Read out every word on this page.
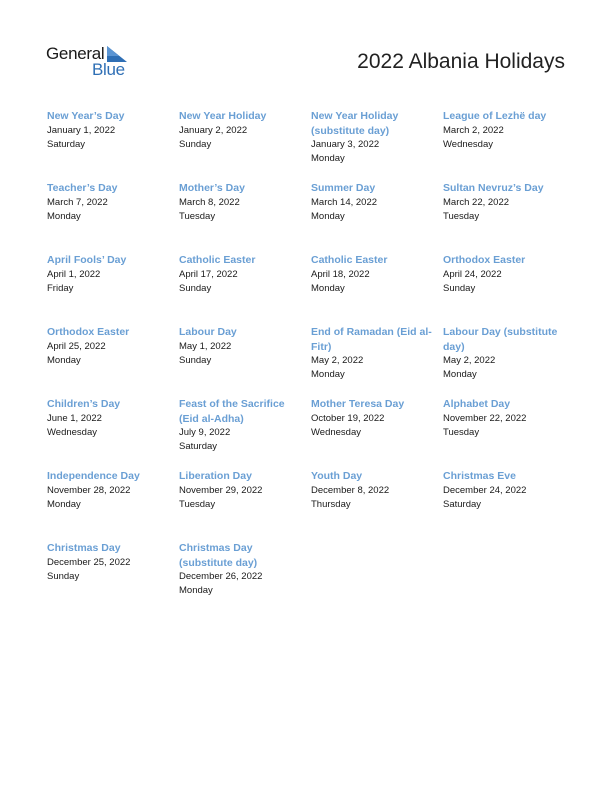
General
Blue	2022 Albania Holidays
New Year’s Day
January 1, 2022
Saturday
New Year Holiday
January 2, 2022
Sunday
New Year Holiday (substitute day)
January 3, 2022
Monday
League of Lezhë day
March 2, 2022
Wednesday
Teacher’s Day
March 7, 2022
Monday
Mother’s Day
March 8, 2022
Tuesday
Summer Day
March 14, 2022
Monday
Sultan Nevruz’s Day
March 22, 2022
Tuesday
April Fools’ Day
April 1, 2022
Friday
Catholic Easter
April 17, 2022
Sunday
Catholic Easter
April 18, 2022
Monday
Orthodox Easter
April 24, 2022
Sunday
Orthodox Easter
April 25, 2022
Monday
Labour Day
May 1, 2022
Sunday
End of Ramadan (Eid al-Fitr)
May 2, 2022
Monday
Labour Day (substitute day)
May 2, 2022
Monday
Children’s Day
June 1, 2022
Wednesday
Feast of the Sacrifice (Eid al-Adha)
July 9, 2022
Saturday
Mother Teresa Day
October 19, 2022
Wednesday
Alphabet Day
November 22, 2022
Tuesday
Independence Day
November 28, 2022
Monday
Liberation Day
November 29, 2022
Tuesday
Youth Day
December 8, 2022
Thursday
Christmas Eve
December 24, 2022
Saturday
Christmas Day
December 25, 2022
Sunday
Christmas Day (substitute day)
December 26, 2022
Monday
